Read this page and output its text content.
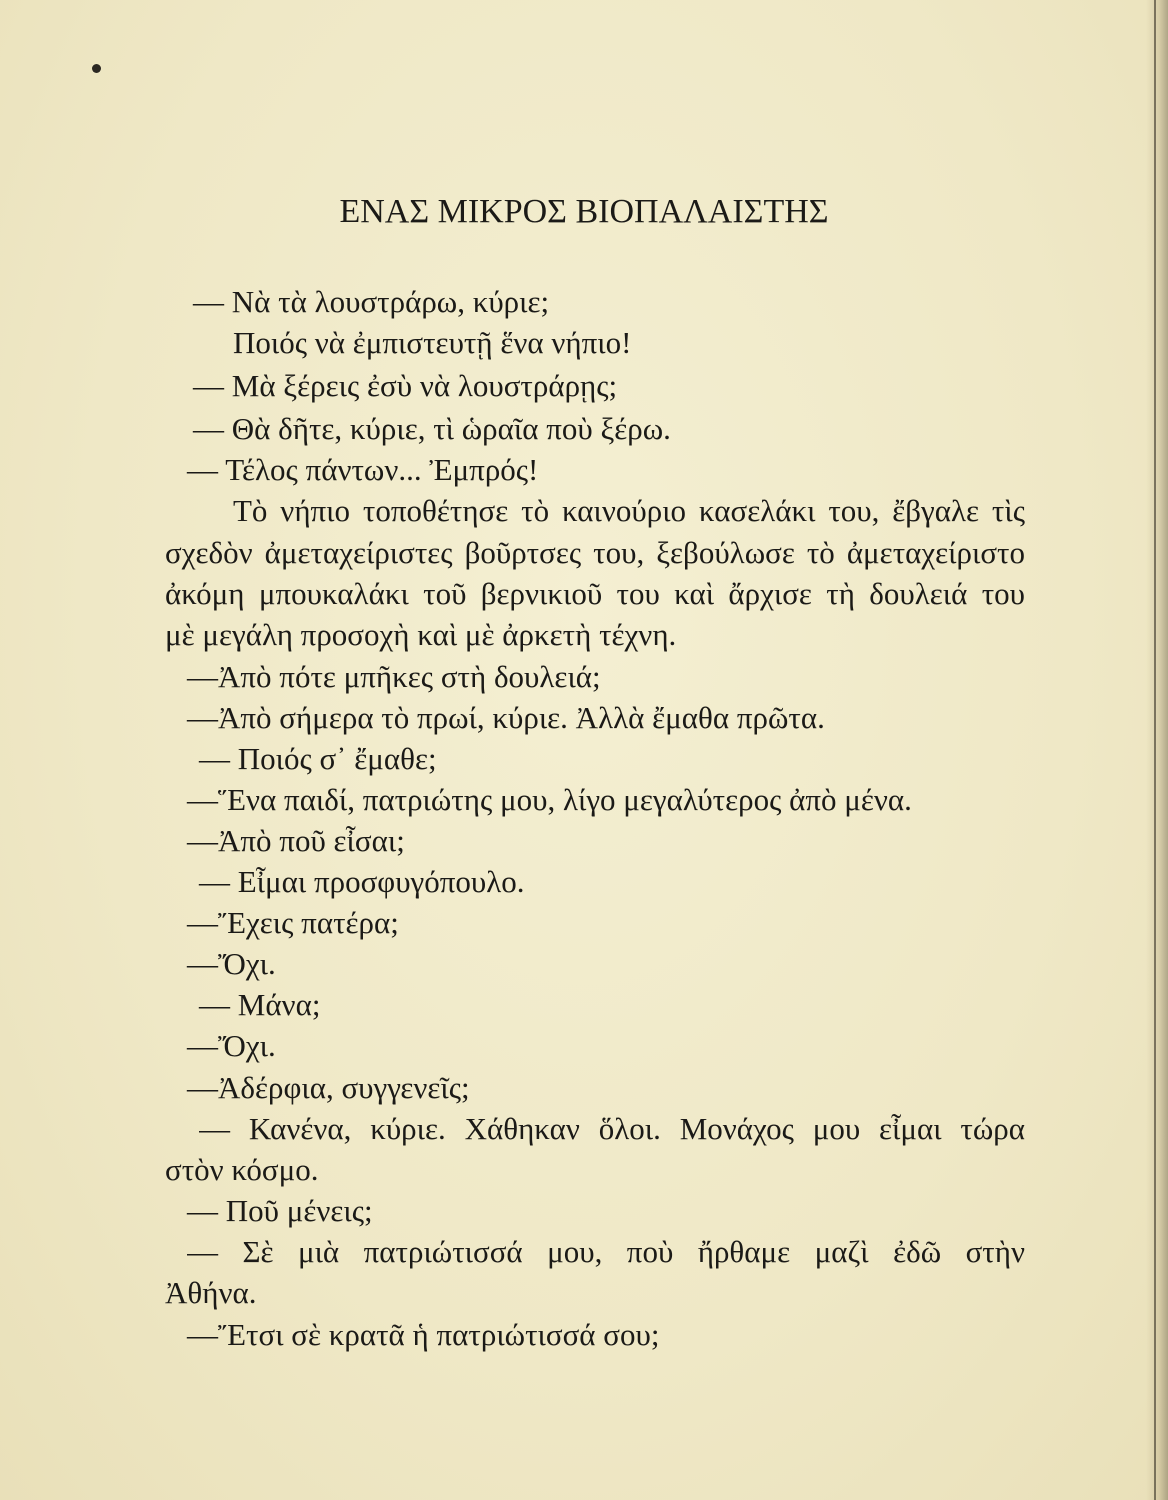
ΕΝΑΣ ΜΙΚΡΟΣ ΒΙΟΠΑΛΑΙΣΤΗΣ

— Νὰ τὰ λουστράρω, κύριε;

Ποιός νὰ ἐμπιστευτῇ ἕνα νήπιο!

— Μὰ ξέρεις ἐσὺ νὰ λουστράρῃς;

— Θὰ δῆτε, κύριε, τὶ ὡραῖα ποὺ ξέρω.

— Τέλος πάντων... Ἐμπρός!

Τὸ νήπιο τοποθέτησε τὸ καινούριο κασελάκι του, ἔβγαλε τὶς

σχεδὸν ἀμεταχείριστες βοῦρτσες του, ξεβούλωσε τὸ ἀμεταχείριστο

ἀκόμη μπουκαλάκι τοῦ βερνικιοῦ του καὶ ἄρχισε τὴ δουλειά του

μὲ μεγάλη προσοχὴ καὶ μὲ ἀρκετὴ τέχνη.

—Ἀπὸ πότε μπῆκες στὴ δουλειά;

—Ἀπὸ σήμερα τὸ πρωί, κύριε. Ἀλλὰ ἔμαθα πρῶτα.

— Ποιός σ᾿ ἔμαθε;

—Ἕνα παιδί, πατριώτης μου, λίγο μεγαλύτερος ἀπὸ μένα.

—Ἀπὸ ποῦ εἶσαι;

— Εἶμαι προσφυγόπουλο.

—Ἔχεις πατέρα;

—Ὄχι.

— Μάνα;

—Ὄχι.

—Ἀδέρφια, συγγενεῖς;

— Κανένα, κύριε. Χάθηκαν ὅλοι. Μονάχος μου εἶμαι τώρα

στὸν κόσμο.

— Ποῦ μένεις;

— Σὲ μιὰ πατριώτισσά μου, ποὺ ἤρθαμε μαζὶ ἐδῶ στὴν

Ἀθήνα.

—Ἔτσι σὲ κρατᾶ ἡ πατριώτισσά σου;
